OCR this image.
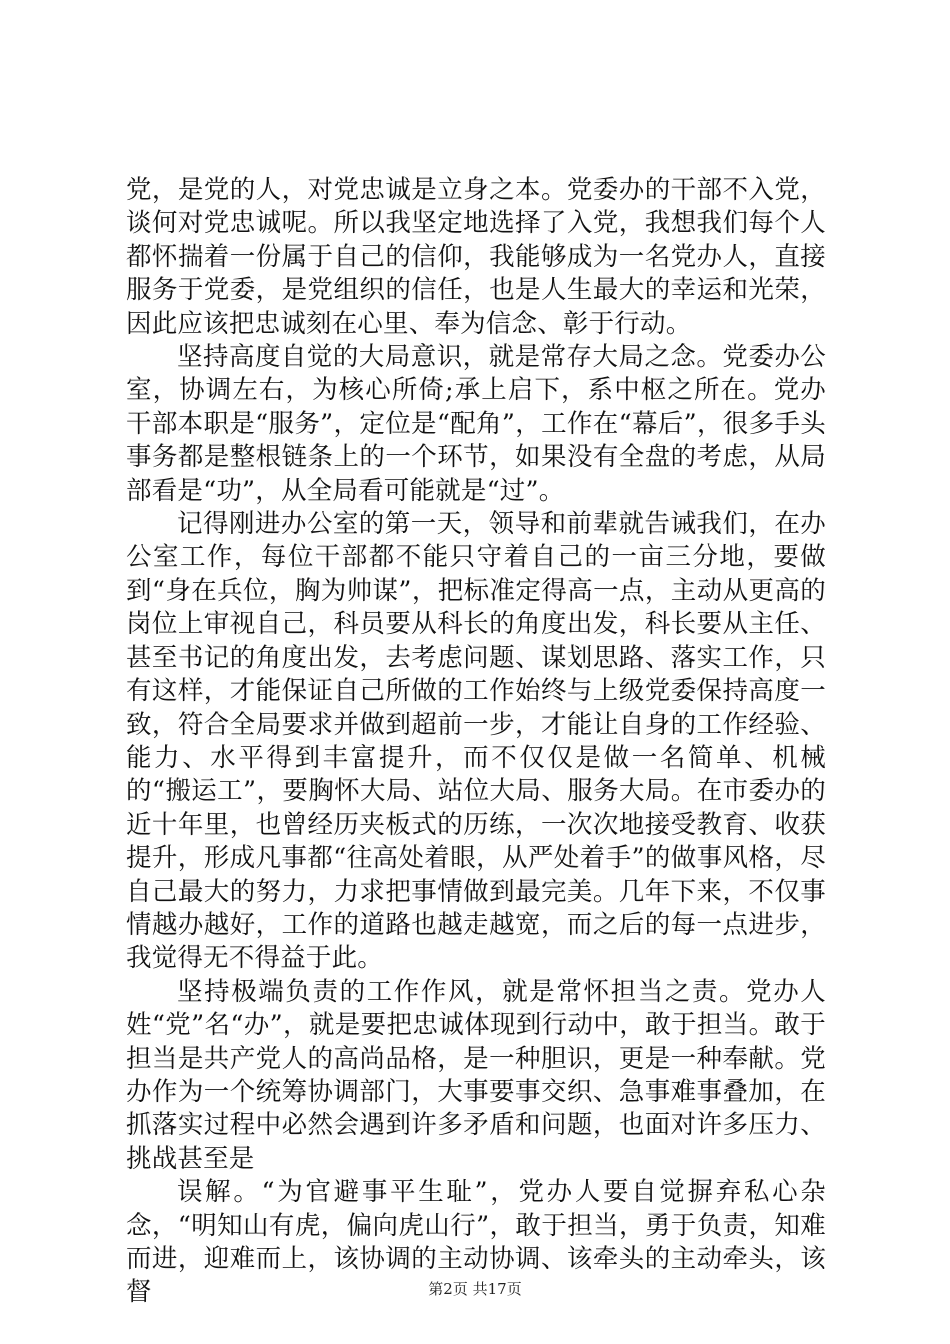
党，是党的人，对党忠诚是立身之本。党委办的干部不入党，谈何对党忠诚呢。所以我坚定地选择了入党，我想我们每个人都怀揣着一份属于自己的信仰，我能够成为一名党办人，直接服务于党委，是党组织的信任，也是人生最大的幸运和光荣，因此应该把忠诚刻在心里、奉为信念、彰于行动。

坚持高度自觉的大局意识，就是常存大局之念。党委办公室，协调左右，为核心所倚;承上启下，系中枢之所在。党办干部本职是“服务”，定位是“配角”，工作在“幕后”，很多手头事务都是整根链条上的一个环节，如果没有全盘的考虑，从局部看是“功”，从全局看可能就是“过”。

记得刚进办公室的第一天，领导和前辈就告诫我们，在办公室工作，每位干部都不能只守着自己的一亩三分地，要做到“身在兵位，胸为帅谋”，把标准定得高一点，主动从更高的岗位上审视自己，科员要从科长的角度出发，科长要从主任、甚至书记的角度出发，去考虑问题、谋划思路、落实工作，只有这样，才能保证自己所做的工作始终与上级党委保持高度一致，符合全局要求并做到超前一步，才能让自身的工作经验、能力、水平得到丰富提升，而不仅仅是做一名简单、机械的“搬运工”，要胸怀大局、站位大局、服务大局。在市委办的近十年里，也曾经历夹板式的历练，一次次地接受教育、收获提升，形成凡事都“往高处着眼，从严处着手”的做事风格，尽自己最大的努力，力求把事情做到最完美。几年下来，不仅事情越办越好，工作的道路也越走越宽，而之后的每一点进步，我觉得无不得益于此。

坚持极端负责的工作作风，就是常怀担当之责。党办人姓“党”名“办”，就是要把忠诚体现到行动中，敢于担当。敢于担当是共产党人的高尚品格，是一种胆识，更是一种奉献。党办作为一个统筹协调部门，大事要事交织、急事难事叠加，在抓落实过程中必然会遇到许多矛盾和问题，也面对许多压力、挑战甚至是

误解。“为官避事平生耻”，党办人要自觉摒弃私心杂念，“明知山有虎，偏向虎山行”，敢于担当，勇于负责，知难而进，迎难而上，该协调的主动协调、该牵头的主动牵头，该督	第2页 共17页
